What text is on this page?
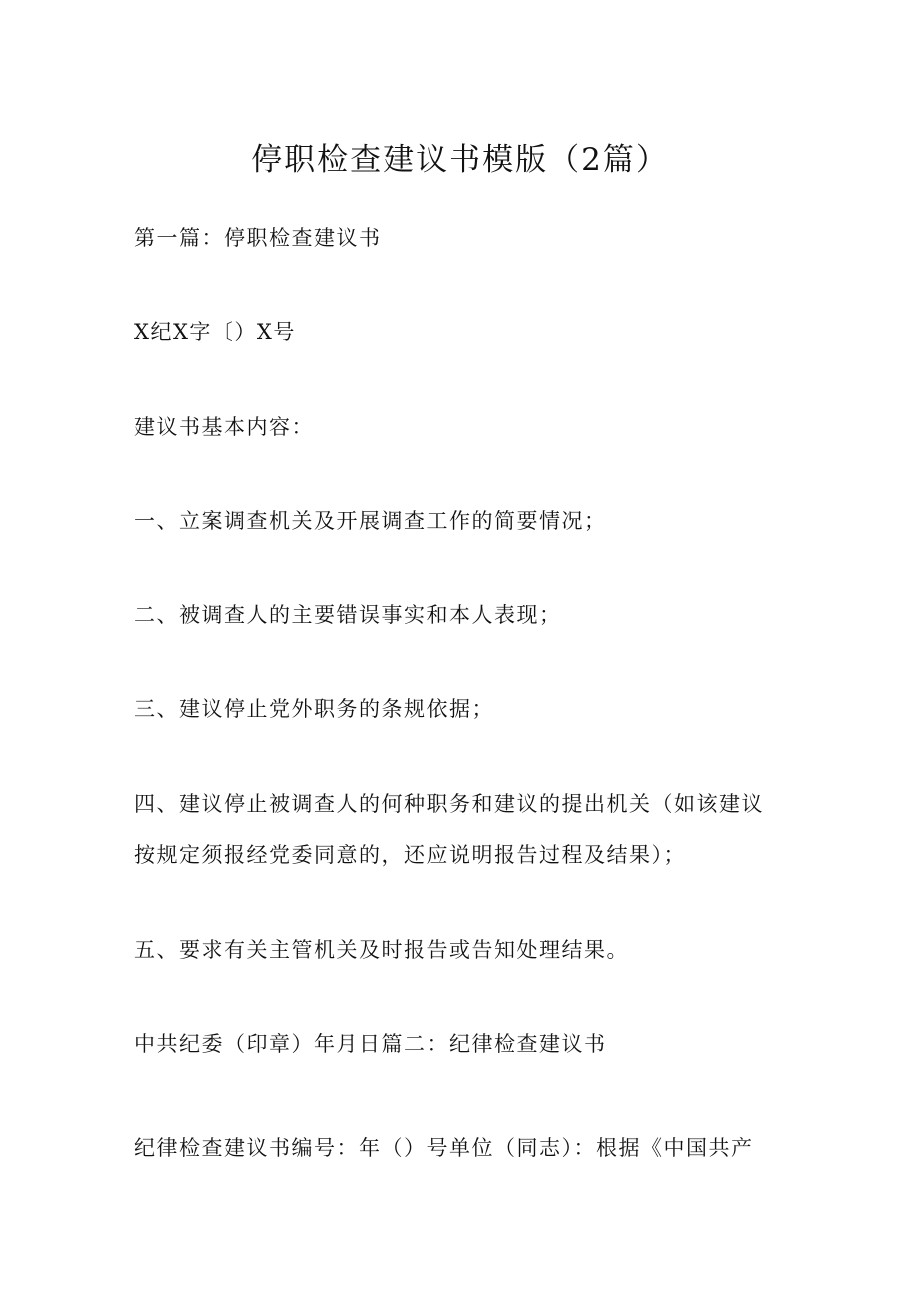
停职检查建议书模版（2篇）

第一篇：停职检查建议书

X纪X字〔）X号

建议书基本内容：

一、立案调查机关及开展调查工作的简要情况；

二、被调查人的主要错误事实和本人表现；

三、建议停止党外职务的条规依据；

四、建议停止被调查人的何种职务和建议的提出机关（如该建议

按规定须报经党委同意的，还应说明报告过程及结果）；

五、要求有关主管机关及时报告或告知处理结果。

中共纪委（印章）年月日篇二：纪律检查建议书

纪律检查建议书编号：年（）号单位（同志）：根据《中国共产
